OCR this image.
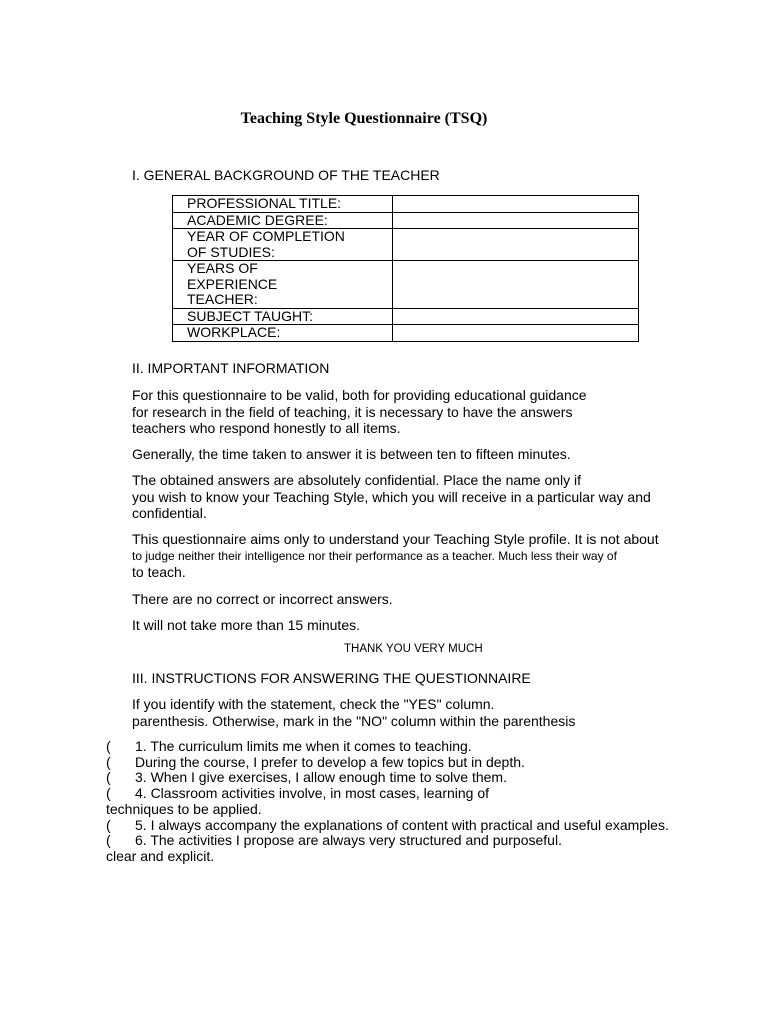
Teaching Style Questionnaire (TSQ)
I. GENERAL BACKGROUND OF THE TEACHER
PROFESSIONAL TITLE:	
ACADEMIC DEGREE:	
YEAR OF COMPLETION
OF STUDIES:	
YEARS OF
EXPERIENCE
TEACHER:	
SUBJECT TAUGHT:	
WORKPLACE:	
II. IMPORTANT INFORMATION
For this questionnaire to be valid, both for providing educational guidance
for research in the field of teaching, it is necessary to have the answers
teachers who respond honestly to all items.
Generally, the time taken to answer it is between ten to fifteen minutes.
The obtained answers are absolutely confidential. Place the name only if
you wish to know your Teaching Style, which you will receive in a particular way and
confidential.
This questionnaire aims only to understand your Teaching Style profile. It is not about
to judge neither their intelligence nor their performance as a teacher. Much less their way of
to teach.
There are no correct or incorrect answers.
It will not take more than 15 minutes.
THANK YOU VERY MUCH
III. INSTRUCTIONS FOR ANSWERING THE QUESTIONNAIRE
If you identify with the statement, check the "YES" column.
parenthesis. Otherwise, mark in the "NO" column within the parenthesis
( 1. The curriculum limits me when it comes to teaching.
( During the course, I prefer to develop a few topics but in depth.
( 3. When I give exercises, I allow enough time to solve them.
( 4. Classroom activities involve, in most cases, learning of
techniques to be applied.
( 5. I always accompany the explanations of content with practical and useful examples.
( 6. The activities I propose are always very structured and purposeful.
clear and explicit.
